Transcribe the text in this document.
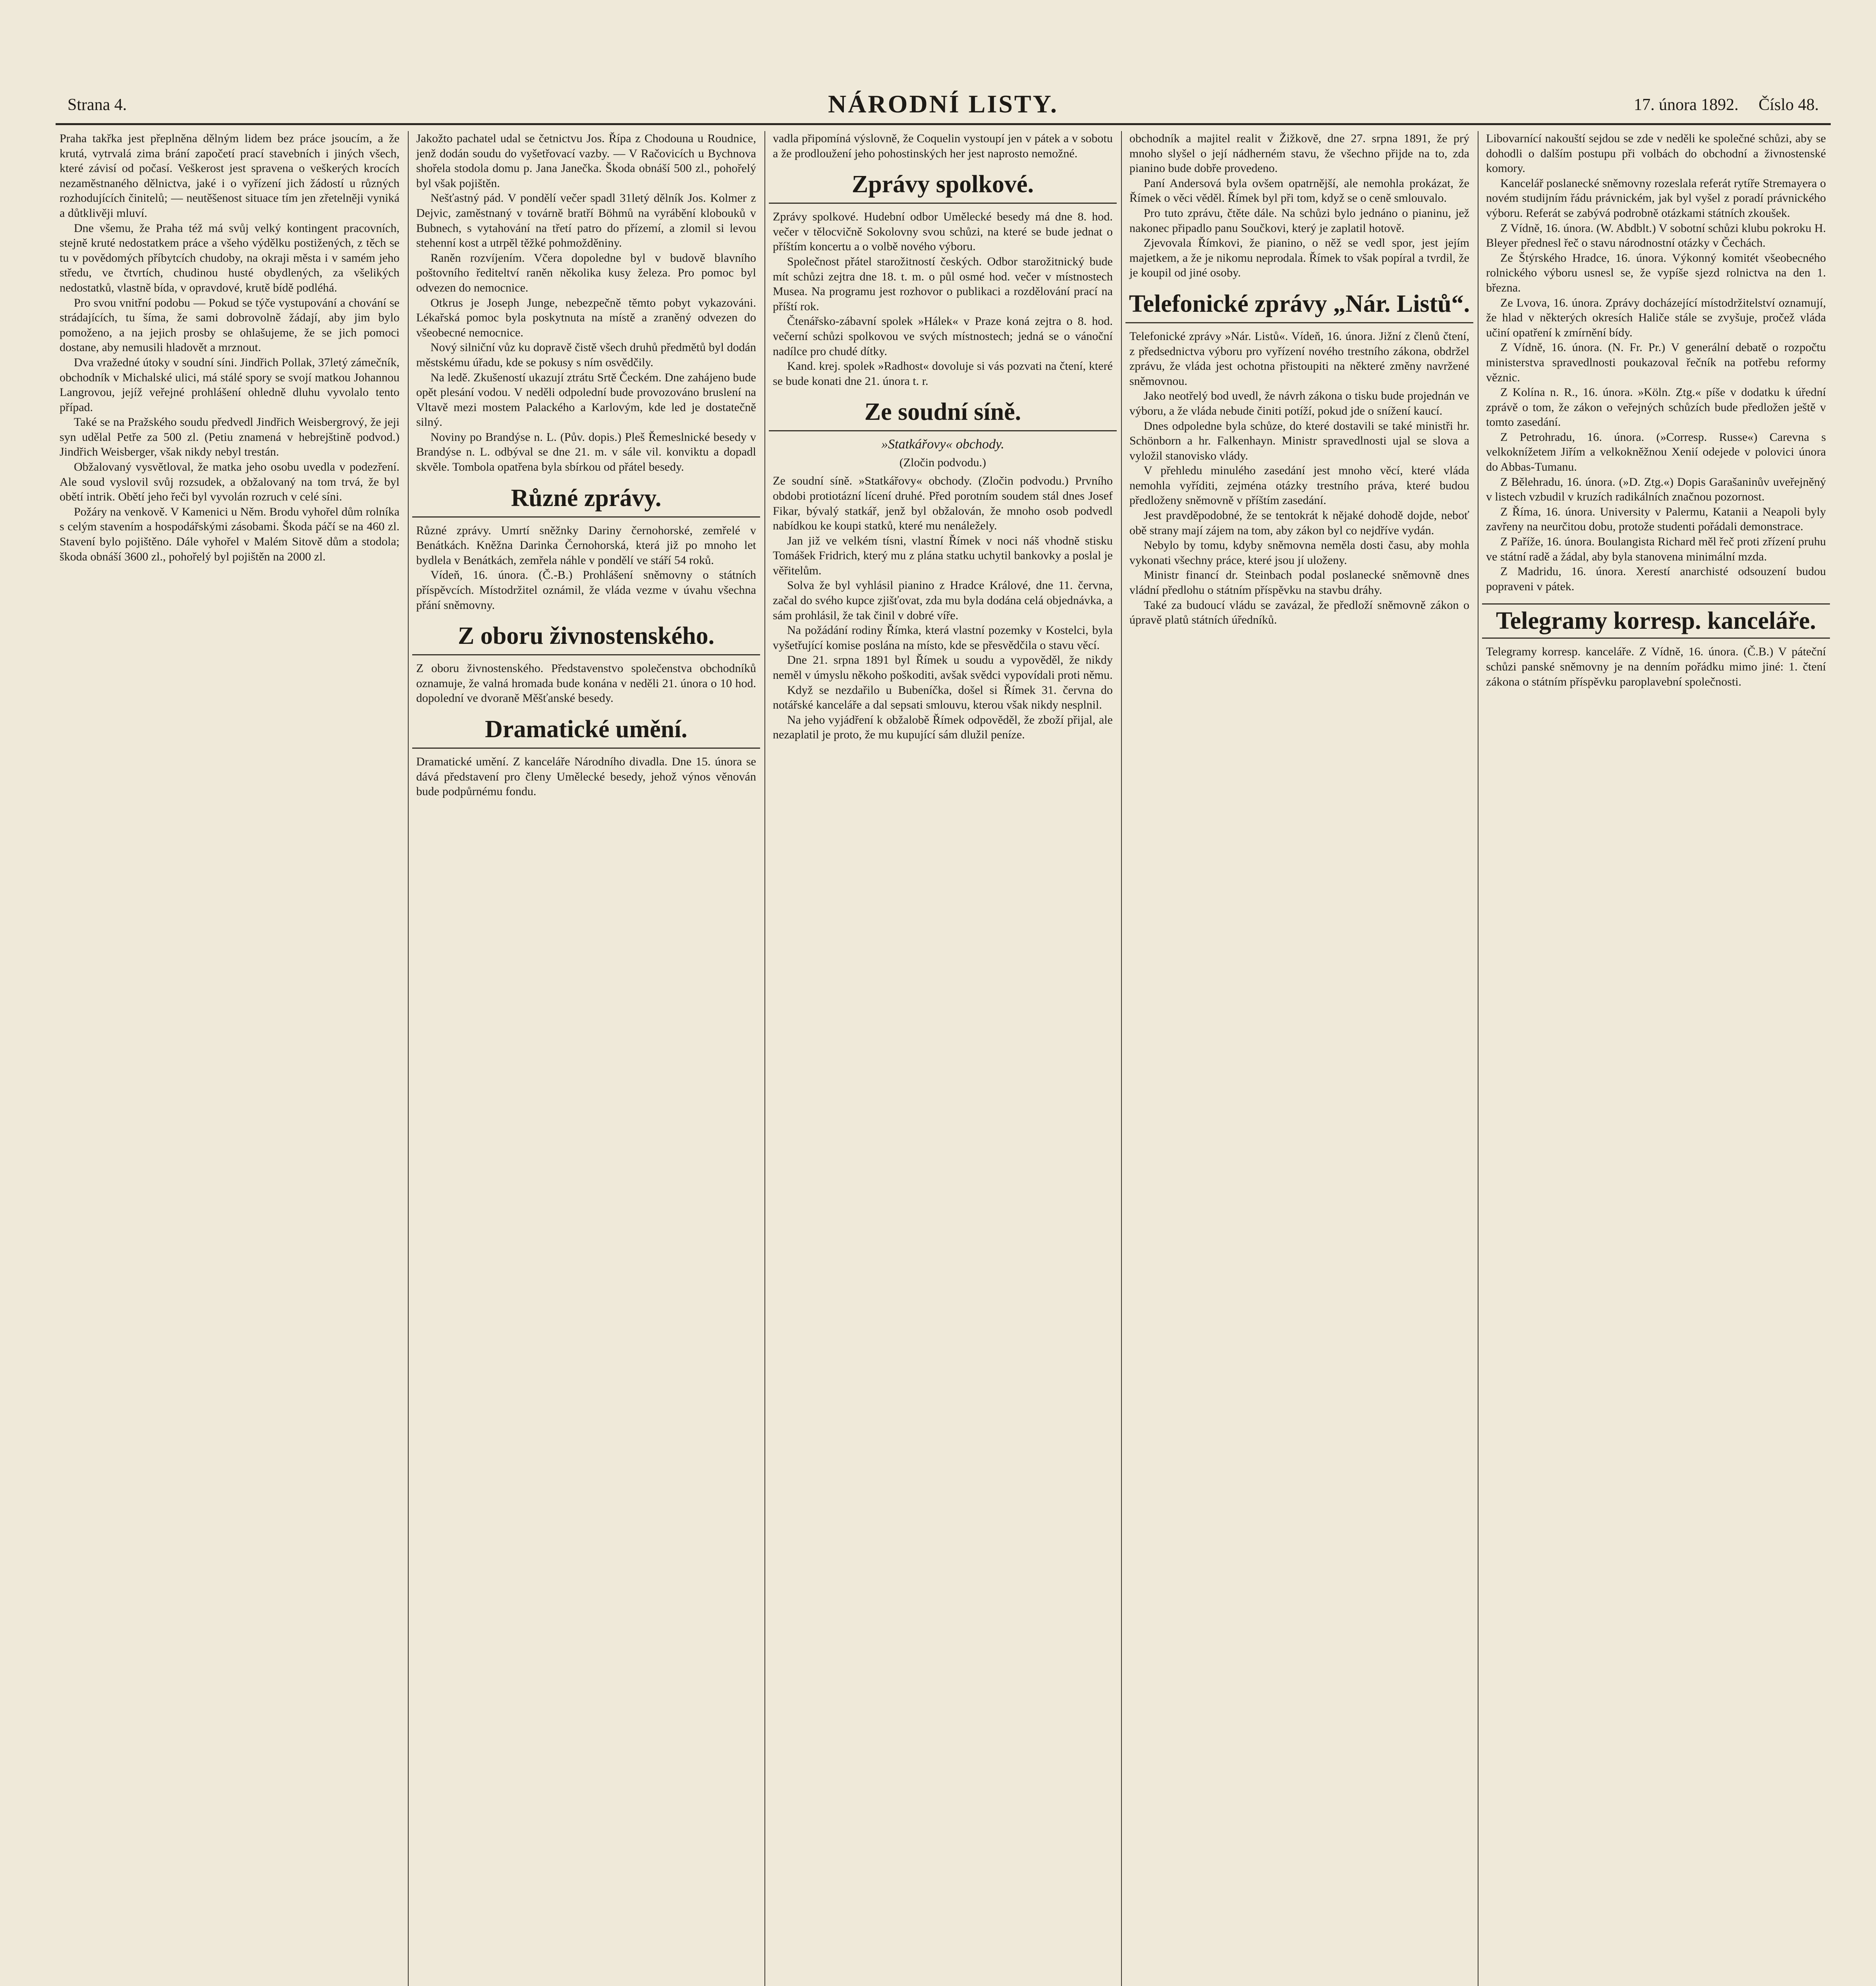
Strana 4.	NÁRODNÍ LISTY.	17. února 1892. Číslo 48.

Praha takřka jest přeplněna dělným lidem bez práce jsoucím, a že krutá, vytrvalá zima brání započetí prací stavebních i jiných všech, které závisí od počasí. Veškerost jest spravena o veškerých krocích nezaměstnaného dělnictva, jaké i o vyřízení jich žádostí u různých rozhodujících činitelů; — neutěšenost situace tím jen zřetelněji vyniká a důtklivěji mluví.

Dne všemu, že Praha též má svůj velký kontingent pracovních, stejně kruté nedostatkem práce a všeho výdělku postižených, z těch se tu v povědomých příbytcích chudoby, na okraji města i v samém jeho středu, ve čtvrtích, chudinou husté obydlených, za všelikých nedostatků, vlastně bída, v opravdové, krutě bídě podléhá.

Pro svou vnitřní podobu — Pokud se týče vystupování a chování se strádajících, tu šíma, že sami dobrovolně žádají, aby jim bylo pomoženo, a na jejich prosby se ohlašujeme, že se jich pomoci dostane, aby nemusili hladovět a mrznout.

Dva vražedné útoky v soudní síni. Jindřich Pollak, 37letý zámečník, obchodník v Michalské ulici, má stálé spory se svojí matkou Johannou Langrovou, jejíž veřejné prohlášení ohledně dluhu vyvolalo tento případ.

Také se na Pražského soudu předvedl Jindřich Weisbergrový, že jeji syn udělal Petře za 500 zl. (Petiu znamená v hebrejštině podvod.) Jindřich Weisberger, však nikdy nebyl trestán.

Obžalovaný vysvětloval, že matka jeho osobu uvedla v podezření. Ale soud vyslovil svůj rozsudek, a obžalovaný na tom trvá, že byl obětí intrik. Obětí jeho řeči byl vyvolán rozruch v celé síni.

Požáry na venkově. V Kamenici u Něm. Brodu vyhořel dům rolníka s celým stavením a hospodářskými zásobami. Škoda páčí se na 460 zl. Stavení bylo pojištěno. Dále vyhořel v Malém Sitově dům a stodola; škoda obnáší 3600 zl., pohořelý byl pojištěn na 2000 zl.

Jakožto pachatel udal se četnictvu Jos. Řípa z Chodouna u Roudnice, jenž dodán soudu do vyšetřovací vazby. — V Račovicích u Bychnova shořela stodola domu p. Jana Janečka. Škoda obnáší 500 zl., pohořelý byl však pojištěn.

Nešťastný pád. V pondělí večer spadl 31letý dělník Jos. Kolmer z Dejvic, zaměstnaný v továrně bratří Böhmů na vyrábění klobouků v Bubnech, s vytahování na třetí patro do přízemí, a zlomil si levou stehenní kost a utrpěl těžké pohmožděniny.

Raněn rozvíjením. Včera dopoledne byl v budově blavního poštovního řediteltví raněn několika kusy železa. Pro pomoc byl odvezen do nemocnice.

Otkrus je Joseph Junge, nebezpečně těmto pobyt vykazováni. Lékařská pomoc byla poskytnuta na místě a zraněný odvezen do všeobecné nemocnice.

Nový silniční vůz ku dopravě čistě všech druhů předmětů byl dodán městskému úřadu, kde se pokusy s ním osvědčily.

Na ledě. Zkušeností ukazují ztrátu Srtě Čeckém. Dne zahájeno bude opět plesání vodou. V neděli odpolední bude provozováno bruslení na Vltavě mezi mostem Palackého a Karlovým, kde led je dostatečně silný.

Noviny po Brandýse n. L. (Pův. dopis.) Pleš Řemeslnické besedy v Brandýse n. L. odbýval se dne 21. m. v sále vil. konviktu a dopadl skvěle. Tombola opatřena byla sbírkou od přátel besedy.

Různé zprávy.

Různé zprávy. Umrtí sněžnky Dariny černohorské, zemřelé v Benátkách. Kněžna Darinka Černohorská, která již po mnoho let bydlela v Benátkách, zemřela náhle v pondělí ve stáří 54 roků.

Vídeň, 16. února. (Č.-B.) Prohlášení sněmovny o státních příspěvcích. Místodržitel oznámil, že vláda vezme v úvahu všechna přání sněmovny.

Z oboru živnostenského.

Z oboru živnostenského. Představenstvo společenstva obchodníků oznamuje, že valná hromada bude konána v neděli 21. února o 10 hod. dopolední ve dvoraně Měšťanské besedy.

Dramatické umění.

Dramatické umění. Z kanceláře Národního divadla. Dne 15. února se dává představení pro členy Umělecké besedy, jehož výnos věnován bude podpůrnému fondu.

vadla připomíná výslovně, že Coquelin vystoupí jen v pátek a v sobotu a že prodloužení jeho pohostinských her jest naprosto nemožné.

Zprávy spolkové.

Zprávy spolkové. Hudební odbor Umělecké besedy má dne 8. hod. večer v tělocvičně Sokolovny svou schůzi, na které se bude jednat o příštím koncertu a o volbě nového výboru.

Společnost přátel starožitností českých. Odbor starožitnický bude mít schůzi zejtra dne 18. t. m. o půl osmé hod. večer v místnostech Musea. Na programu jest rozhovor o publikaci a rozdělování prací na příští rok.

Čtenářsko-zábavní spolek »Hálek« v Praze koná zejtra o 8. hod. večerní schůzi spolkovou ve svých místnostech; jedná se o vánoční nadílce pro chudé dítky.

Kand. krej. spolek »Radhost« dovoluje si vás pozvati na čtení, které se bude konati dne 21. února t. r.

Ze soudní síně.
»Statkářovy« obchody.
(Zločin podvodu.)

Ze soudní síně. »Statkářovy« obchody. (Zločin podvodu.) Prvního obdobi protiotázní lícení druhé. Před porotním soudem stál dnes Josef Fikar, bývalý statkář, jenž byl obžalován, že mnoho osob podvedl nabídkou ke koupi statků, které mu nenáležely.

Jan již ve velkém tísni, vlastní Římek v noci náš vhodně stisku Tomášek Fridrich, který mu z plána statku uchytil bankovky a poslal je věřitelům.

Solva že byl vyhlásil pianino z Hradce Králové, dne 11. června, začal do svého kupce zjišťovat, zda mu byla dodána celá objednávka, a sám prohlásil, že tak činil v dobré víře.

Na požádání rodiny Římka, která vlastní pozemky v Kostelci, byla vyšetřující komise poslána na místo, kde se přesvědčila o stavu věcí.

Dne 21. srpna 1891 byl Římek u soudu a vypověděl, že nikdy neměl v úmyslu někoho poškoditi, avšak svědci vypovídali proti němu.

Když se nezdařilo u Bubeníčka, došel si Římek 31. června do notářské kanceláře a dal sepsati smlouvu, kterou však nikdy nesplnil.

Na jeho vyjádření k obžalobě Římek odpověděl, že zboží přijal, ale nezaplatil je proto, že mu kupující sám dlužil peníze.

obchodník a majitel realit v Žižkově, dne 27. srpna 1891, že prý mnoho slyšel o její nádherném stavu, že všechno přijde na to, zda pianino bude dobře provedeno.

Paní Andersová byla ovšem opatrnější, ale nemohla prokázat, že Římek o věci věděl. Římek byl při tom, když se o ceně smlouvalo.

Pro tuto zprávu, čtěte dále. Na schůzi bylo jednáno o pianinu, jež nakonec připadlo panu Součkovi, který je zaplatil hotově.

Zjevovala Římkovi, že pianino, o něž se vedl spor, jest jejím majetkem, a že je nikomu neprodala. Římek to však popíral a tvrdil, že je koupil od jiné osoby.

Telefonické zprávy „Nár. Listů“.

Telefonické zprávy »Nár. Listů«. Vídeň, 16. února. Jižní z členů čtení, z předsednictva výboru pro vyřízení nového trestního zákona, obdržel zprávu, že vláda jest ochotna přistoupiti na některé změny navržené sněmovnou.

Jako neotřelý bod uvedl, že návrh zákona o tisku bude projednán ve výboru, a že vláda nebude činiti potíží, pokud jde o snížení kaucí.

Dnes odpoledne byla schůze, do které dostavili se také ministři hr. Schönborn a hr. Falkenhayn. Ministr spravedlnosti ujal se slova a vyložil stanovisko vlády.

V přehledu minulého zasedání jest mnoho věcí, které vláda nemohla vyříditi, zejména otázky trestního práva, které budou předloženy sněmovně v příštím zasedání.

Jest pravděpodobné, že se tentokrát k nějaké dohodě dojde, neboť obě strany mají zájem na tom, aby zákon byl co nejdříve vydán.

Nebylo by tomu, kdyby sněmovna neměla dosti času, aby mohla vykonati všechny práce, které jsou jí uloženy.

Ministr financí dr. Steinbach podal poslanecké sněmovně dnes vládní předlohu o státním příspěvku na stavbu dráhy.

Také za budoucí vládu se zavázal, že předloží sněmovně zákon o úpravě platů státních úředníků.

Libovarnící nakouští sejdou se zde v neděli ke společné schůzi, aby se dohodli o dalším postupu při volbách do obchodní a živnostenské komory.

Kancelář poslanecké sněmovny rozeslala referát rytíře Stremayera o novém studijním řádu právnickém, jak byl vyšel z poradí právnického výboru. Referát se zabývá podrobně otázkami státních zkoušek.

Z Vídně, 16. února. (W. Abdblt.) V sobotní schůzi klubu pokroku H. Bleyer přednesl řeč o stavu národnostní otázky v Čechách.

Ze Štýrského Hradce, 16. února. Výkonný komitét všeobecného rolnického výboru usnesl se, že vypíše sjezd rolnictva na den 1. března.

Ze Lvova, 16. února. Zprávy docházející místodržitelství oznamují, že hlad v některých okresích Haliče stále se zvyšuje, pročež vláda učiní opatření k zmírnění bídy.

Z Vídně, 16. února. (N. Fr. Pr.) V generální debatě o rozpočtu ministerstva spravedlnosti poukazoval řečník na potřebu reformy věznic.

Z Kolína n. R., 16. února. »Köln. Ztg.« píše v dodatku k úřední zprávě o tom, že zákon o veřejných schůzích bude předložen ještě v tomto zasedání.

Z Petrohradu, 16. února. (»Corresp. Russe«) Carevna s velkoknížetem Jiřím a velkokněžnou Xenií odejede v polovici února do Abbas-Tumanu.

Z Bělehradu, 16. února. (»D. Ztg.«) Dopis Garašaninův uveřejněný v listech vzbudil v kruzích radikálních značnou pozornost.

Z Říma, 16. února. University v Palermu, Katanii a Neapoli byly zavřeny na neurčitou dobu, protože studenti pořádali demonstrace.

Z Paříže, 16. února. Boulangista Richard měl řeč proti zřízení pruhu ve státní radě a žádal, aby byla stanovena minimální mzda.

Z Madridu, 16. února. Xerestí anarchisté odsouzení budou popraveni v pátek.

Telegramy korresp. kanceláře.

Telegramy korresp. kanceláře. Z Vídně, 16. února. (Č.B.) V páteční schůzi panské sněmovny je na denním pořádku mimo jiné: 1. čtení zákona o státním příspěvku paroplavební společnosti.
